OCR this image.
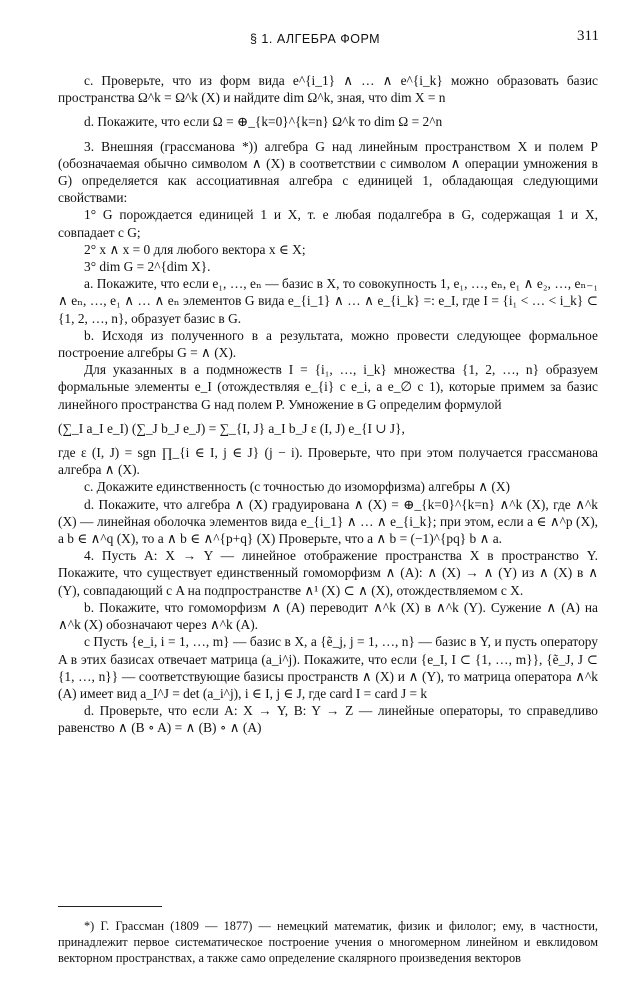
§ 1. АЛГЕБРА ФОРМ	311

с. Проверьте, что из форм вида e^{i_1} ∧ … ∧ e^{i_k} можно образовать базис пространства Ω^k = Ω^k (X) и найдите dim Ω^k, зная, что dim X = n

d. Покажите, что если Ω = ⊕_{k=0}^{k=n} Ω^k то dim Ω = 2^n

3. Внешняя (грассманова *)) алгебра G над линейным пространством X и полем P (обозначаемая обычно символом ∧ (X) в соответствии с символом ∧ операции умножения в G) определяется как ассоциативная алгебра с единицей 1, обладающая следующими свойствами:

1° G порождается единицей 1 и X, т. е любая подалгебра в G, содержащая 1 и X, совпадает с G;

2° x ∧ x = 0 для любого вектора x ∈ X;

3° dim G = 2^{dim X}.

а. Покажите, что если e₁, …, eₙ — базис в X, то совокупность 1, e₁, …, eₙ, e₁ ∧ e₂, …, eₙ₋₁ ∧ eₙ, …, e₁ ∧ … ∧ eₙ элементов G вида e_{i_1} ∧ … ∧ e_{i_k} =: e_I, где I = {i₁ < … < i_k} ⊂ {1, 2, …, n}, образует базис в G.

b. Исходя из полученного в а результата, можно провести следующее формальное построение алгебры G = ∧ (X).

Для указанных в а подмножеств I = {i₁, …, i_k} множества {1, 2, …, n} образуем формальные элементы e_I (отождествляя e_{i} с e_i, а e_∅ с 1), которые примем за базис линейного пространства G над полем P. Умножение в G определим формулой

(∑_I a_I e_I) (∑_J b_J e_J) = ∑_{I, J} a_I b_J ε (I, J) e_{I ∪ J},

где ε (I, J) = sgn ∏_{i ∈ I, j ∈ J} (j − i). Проверьте, что при этом получается грассманова алгебра ∧ (X).

с. Докажите единственность (с точностью до изоморфизма) алгебры ∧ (X)

d. Покажите, что алгебра ∧ (X) градуирована ∧ (X) = ⊕_{k=0}^{k=n} ∧^k (X), где ∧^k (X) — линейная оболочка элементов вида e_{i_1} ∧ … ∧ e_{i_k}; при этом, если a ∈ ∧^p (X), а b ∈ ∧^q (X), то a ∧ b ∈ ∧^{p+q} (X) Проверьте, что a ∧ b = (−1)^{pq} b ∧ a.

4. Пусть A: X → Y — линейное отображение пространства X в пространство Y. Покажите, что существует единственный гомоморфизм ∧ (A): ∧ (X) → ∧ (Y) из ∧ (X) в ∧ (Y), совпадающий с A на подпространстве ∧¹ (X) ⊂ ∧ (X), отождествляемом с X.

b. Покажите, что гомоморфизм ∧ (A) переводит ∧^k (X) в ∧^k (Y). Сужение ∧ (A) на ∧^k (X) обозначают через ∧^k (A).

с Пусть {e_i, i = 1, …, m} — базис в X, а {ẽ_j, j = 1, …, n} — базис в Y, и пусть оператору A в этих базисах отвечает матрица (a_i^j). Покажите, что если {e_I, I ⊂ {1, …, m}}, {ẽ_J, J ⊂ {1, …, n}} — соответствующие базисы пространств ∧ (X) и ∧ (Y), то матрица оператора ∧^k (A) имеет вид a_I^J = det (a_i^j), i ∈ I, j ∈ J, где card I = card J = k

d. Проверьте, что если A: X → Y, B: Y → Z — линейные операторы, то справедливо равенство ∧ (B ∘ A) = ∧ (B) ∘ ∧ (A)

*) Г. Грассман (1809 — 1877) — немецкий математик, физик и филолог; ему, в частности, принадлежит первое систематическое построение учения о многомерном линейном и евклидовом векторном пространствах, а также само определение скалярного произведения векторов
